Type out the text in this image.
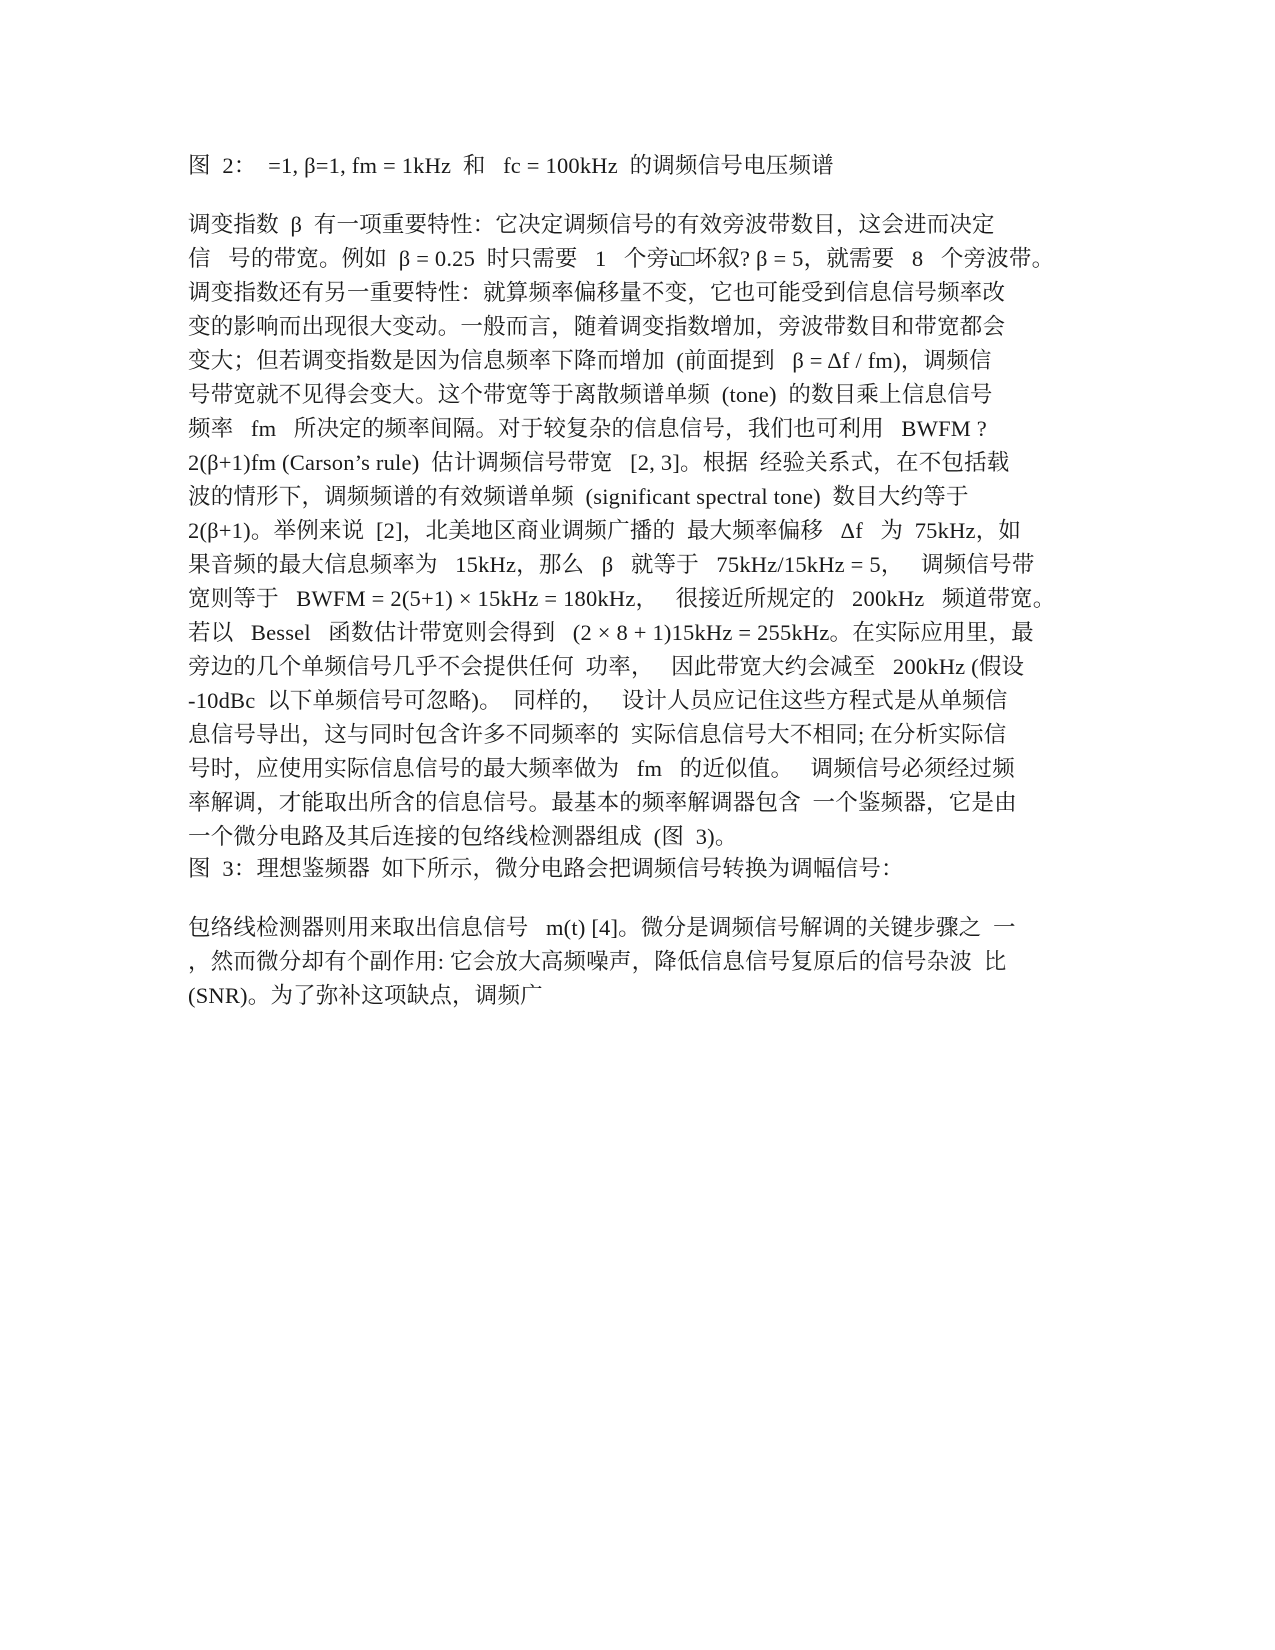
图  2：  =1, β=1, fm = 1kHz  和   fc = 100kHz  的调频信号电压频谱
调变指数  β  有一项重要特性：它决定调频信号的有效旁波带数目，这会进而决定
信   号的带宽。例如  β = 0.25  时只需要   1   个旁ù□坏叙? β = 5，就需要   8   个旁波带。
调变指数还有另一重要特性：就算频率偏移量不变，它也可能受到信息信号频率改
变的影响而出现很大变动。一般而言，随着调变指数增加，旁波带数目和带宽都会
变大；但若调变指数是因为信息频率下降而增加  (前面提到   β = Δf / fm)，调频信
号带宽就不见得会变大。这个带宽等于离散频谱单频  (tone)  的数目乘上信息信号
频率   fm   所决定的频率间隔。对于较复杂的信息信号，我们也可利用   BWFM ?
2(β+1)fm (Carson’s rule)  估计调频信号带宽   [2, 3]。根据  经验关系式，在不包括载
波的情形下，调频频谱的有效频谱单频  (significant spectral tone)  数目大约等于
2(β+1)。举例来说  [2]，北美地区商业调频广播的  最大频率偏移   Δf   为  75kHz，如
果音频的最大信息频率为   15kHz，那么   β   就等于   75kHz/15kHz = 5，   调频信号带
宽则等于   BWFM = 2(5+1) × 15kHz = 180kHz，   很接近所规定的   200kHz   频道带宽。
若以   Bessel   函数估计带宽则会得到   (2 × 8 + 1)15kHz = 255kHz。在实际应用里，最
旁边的几个单频信号几乎不会提供任何  功率，   因此带宽大约会减至   200kHz (假设
-10dBc  以下单频信号可忽略)。  同样的，   设计人员应记住这些方程式是从单频信
息信号导出，这与同时包含许多不同频率的  实际信息信号大不相同; 在分析实际信
号时，应使用实际信息信号的最大频率做为   fm   的近似值。   调频信号必须经过频
率解调，才能取出所含的信息信号。最基本的频率解调器包含  一个鉴频器，它是由
一个微分电路及其后连接的包络线检测器组成  (图  3)。
图  3：理想鉴频器  如下所示，微分电路会把调频信号转换为调幅信号：
包络线检测器则用来取出信息信号   m(t) [4]。微分是调频信号解调的关键步骤之  一
，然而微分却有个副作用: 它会放大高频噪声，降低信息信号复原后的信号杂波  比
(SNR)。为了弥补这项缺点，调频广
